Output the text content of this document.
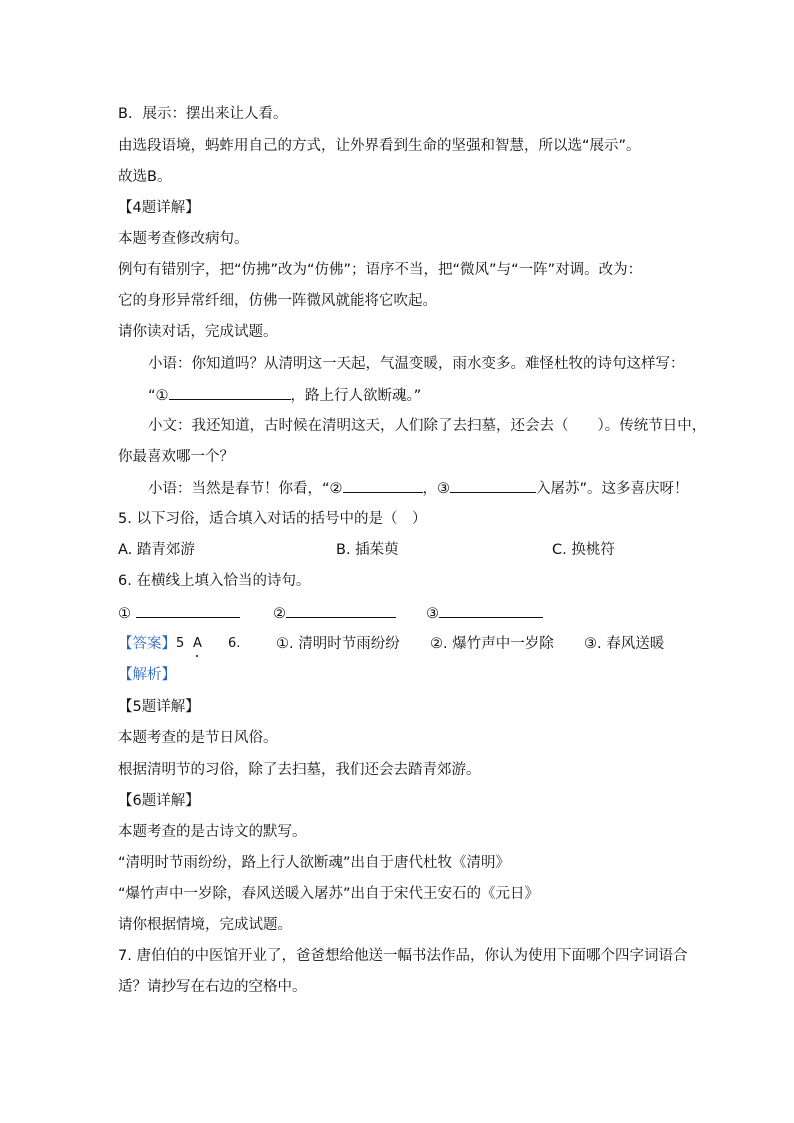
B．展示：摆出来让人看。
由选段语境，蚂蚱用自己的方式，让外界看到生命的坚强和智慧，所以选“展示”。
故选B。
【4题详解】
本题考查修改病句。
例句有错别字，把“仿拂”改为“仿佛”；语序不当，把“微风”与“一阵”对调。改为：
它的身形异常纤细，仿佛一阵微风就能将它吹起。
请你读对话，完成试题。
小语：你知道吗？从清明这一天起，气温变暖，雨水变多。难怪杜牧的诗句这样写：
“①	，路上行人欲断魂。”
小文：我还知道，古时候在清明这天，人们除了去扫墓，还会去（　　）。传统节日中，
你最喜欢哪一个？
小语：当然是春节！你看，“②	，③	入屠苏”。这多喜庆呀！
5. 以下习俗，适合填入对话的括号中的是（　）
A. 踏青郊游	B. 插茱萸	C. 换桃符
6. 在横线上填入恰当的诗句。
①	②	③
【答案】 5 A 6. ①. 清明时节雨纷纷 ②. 爆竹声中一岁除 ③. 春风送暖
【解析】
【5题详解】
本题考查的是节日风俗。
根据清明节的习俗，除了去扫墓，我们还会去踏青郊游。
【6题详解】
本题考查的是古诗文的默写。
“清明时节雨纷纷，路上行人欲断魂”出自于唐代杜牧《清明》
“爆竹声中一岁除，春风送暖入屠苏”出自于宋代王安石的《元日》
请你根据情境，完成试题。
7. 唐伯伯的中医馆开业了，爸爸想给他送一幅书法作品，你认为使用下面哪个四字词语合
适？请抄写在右边的空格中。
